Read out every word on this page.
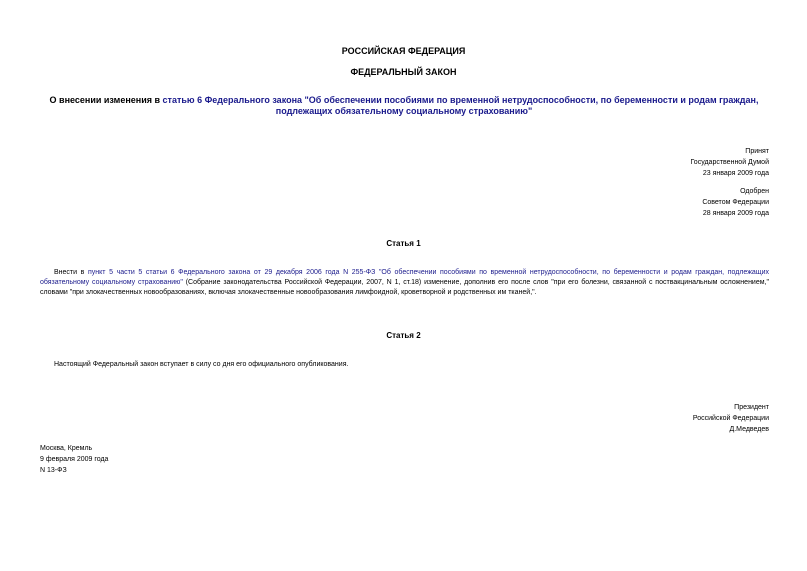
РОССИЙСКАЯ ФЕДЕРАЦИЯ
ФЕДЕРАЛЬНЫЙ ЗАКОН
О внесении изменения в статью 6 Федерального закона "Об обеспечении пособиями по временной нетрудоспособности, по беременности и родам граждан, подлежащих обязательному социальному страхованию"
Принят
Государственной Думой
23 января 2009 года
Одобрен
Советом Федерации
28 января 2009 года
Статья 1
Внести в пункт 5 части 5 статьи 6 Федерального закона от 29 декабря 2006 года N 255-ФЗ "Об обеспечении пособиями по временной нетрудоспособности, по беременности и родам граждан, подлежащих обязательному социальному страхованию" (Собрание законодательства Российской Федерации, 2007, N 1, ст.18) изменение, дополнив его после слов "при его болезни, связанной с поствакцинальным осложнением," словами "при злокачественных новообразованиях, включая злокачественные новообразования лимфоидной, кроветворной и родственных им тканей,".
Статья 2
Настоящий Федеральный закон вступает в силу со дня его официального опубликования.
Президент
Российской Федерации
Д.Медведев
Москва, Кремль
9 февраля 2009 года
N 13-ФЗ
